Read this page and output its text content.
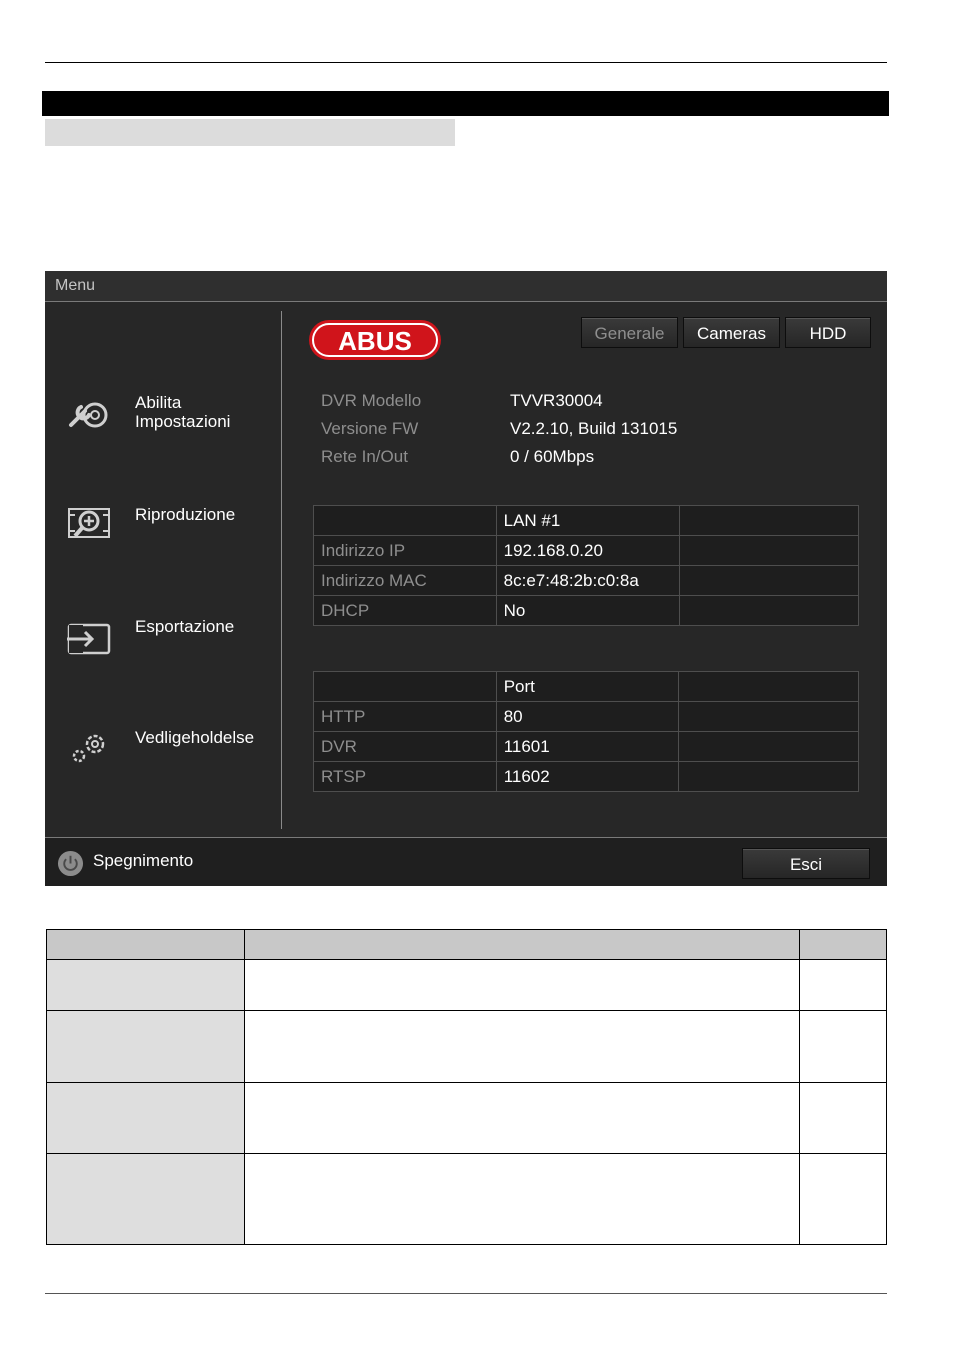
Menu
Abilita
Impostazioni
Riproduzione
Esportazione
Vedligeholdelse
ABUS	Generale	Cameras	HDD
DVR Modello	TVVR30004
Versione FW	V2.2.10, Build 131015
Rete In/Out	0 / 60Mbps
	LAN #1	
Indirizzo IP	192.168.0.20	
Indirizzo MAC	8c:e7:48:2b:c0:8a	
DHCP	No	
	Port	
HTTP	80	
DVR	11601	
RTSP	11602	
Spegnimento	Esci
